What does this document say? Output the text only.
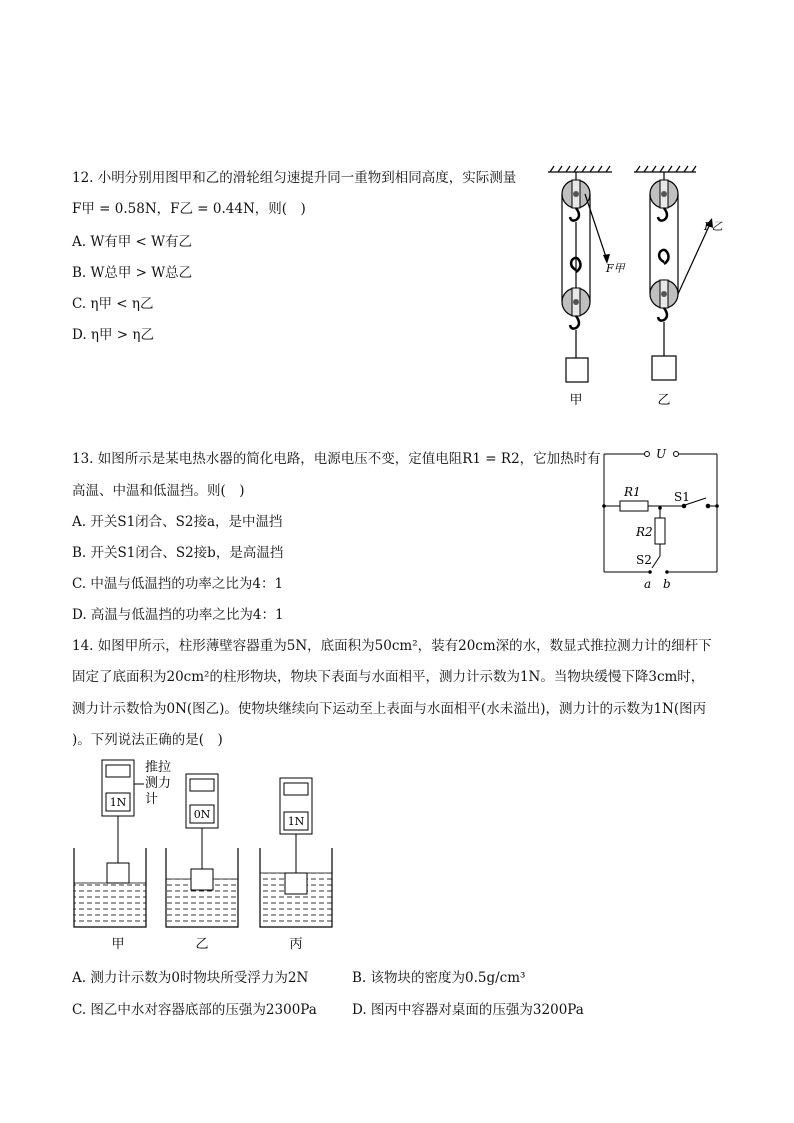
12. 小明分别用图甲和乙的滑轮组匀速提升同一重物到相同高度，实际测量
F甲 = 0.58N，F乙 = 0.44N，则(　)
A. W有甲 < W有乙
B. W总甲 > W总乙
C. η甲 < η乙
D. η甲 > η乙
F甲
甲
F乙
乙
13. 如图所示是某电热水器的简化电路，电源电压不变，定值电阻R1 = R2，它加热时有
高温、中温和低温挡。则(　)
A. 开关S1闭合、S2接a，是中温挡
B. 开关S1闭合、S2接b，是高温挡
C. 中温与低温挡的功率之比为4：1
D. 高温与低温挡的功率之比为4：1
U
R1	S1
R2
S2
a b
14. 如图甲所示，柱形薄壁容器重为5N，底面积为50cm²，装有20cm深的水，数显式推拉测力计的细杆下
固定了底面积为20cm²的柱形物块，物块下表面与水面相平，测力计示数为1N。当物块缓慢下降3cm时，
测力计示数恰为0N(图乙)。使物块继续向下运动至上表面与水面相平(水未溢出)，测力计的示数为1N(图丙
)。下列说法正确的是(　)
1N
甲
推拉
测力
计
0N
乙
1N
丙
A. 测力计示数为0时物块所受浮力为2N	B. 该物块的密度为0.5g/cm³
C. 图乙中水对容器底部的压强为2300Pa	D. 图丙中容器对桌面的压强为3200Pa
